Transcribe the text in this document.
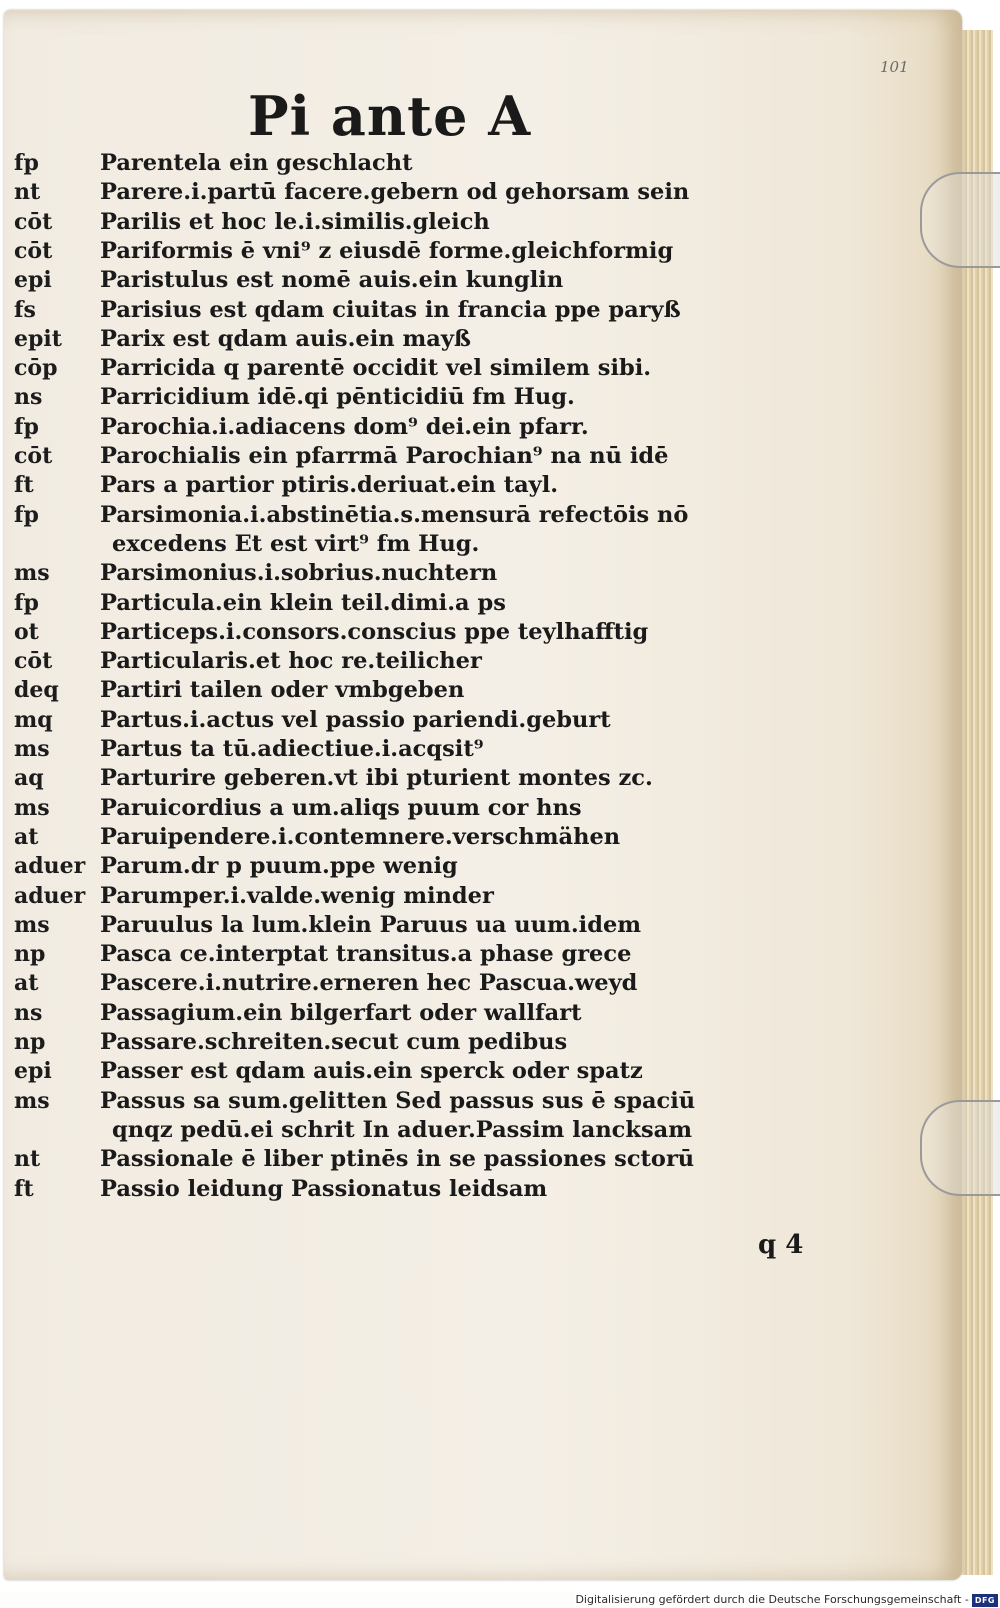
101
Pi ante A
fp
nt
cōt
cōt
epi
fs
epit
cōp
ns
fp
cōt
ft
fp
ms
fp
ot
cōt
deq
mq
ms
aq
ms
at
aduer
aduer
ms
np
at
ns
np
epi
ms
nt
ft
Parentela ein geschlacht
Parere.i.partū facere.gebern od gehorsam sein
Parilis et hoc le.i.similis.gleich
Pariformis ē vni⁹ z eiusdē forme.gleichformig
Paristulus est nomē auis.ein kunglin
Parisius est qdam ciuitas in francia ppe paryß
Parix est qdam auis.ein mayß
Parricida q parentē occidit vel similem sibi.
Parricidium idē.qi pēnticidiū fm Hug.
Parochia.i.adiacens dom⁹ dei.ein pfarr.
Parochialis ein pfarrmā Parochian⁹ na nū idē
Pars a partior ptiris.deriuat.ein tayl.
Parsimonia.i.abstinētia.s.mensurā refectōis nō
excedens Et est virt⁹ fm Hug.
Parsimonius.i.sobrius.nuchtern
Particula.ein klein teil.dimi.a ps
Particeps.i.consors.conscius ppe teylhafftig
Particularis.et hoc re.teilicher
Partiri tailen oder vmbgeben
Partus.i.actus vel passio pariendi.geburt
Partus ta tū.adiectiue.i.acqsit⁹
Parturire geberen.vt ibi pturient montes zc.
Paruicordius a um.aliqs puum cor hns
Paruipendere.i.contemnere.verschmähen
Parum.dr p puum.ppe wenig
Parumper.i.valde.wenig minder
Paruulus la lum.klein Paruus ua uum.idem
Pasca ce.interptat transitus.a phase grece
Pascere.i.nutrire.erneren hec Pascua.weyd
Passagium.ein bilgerfart oder wallfart
Passare.schreiten.secut cum pedibus
Passer est qdam auis.ein sperck oder spatz
Passus sa sum.gelitten Sed passus sus ē spaciū
qnqz pedū.ei schrit In aduer.Passim lancksam
Passionale ē liber ptinēs in se passiones sctorū
Passio leidung Passionatus leidsam
q 4
Digitalisierung gefördert durch die Deutsche Forschungsgemeinschaft - DFG
